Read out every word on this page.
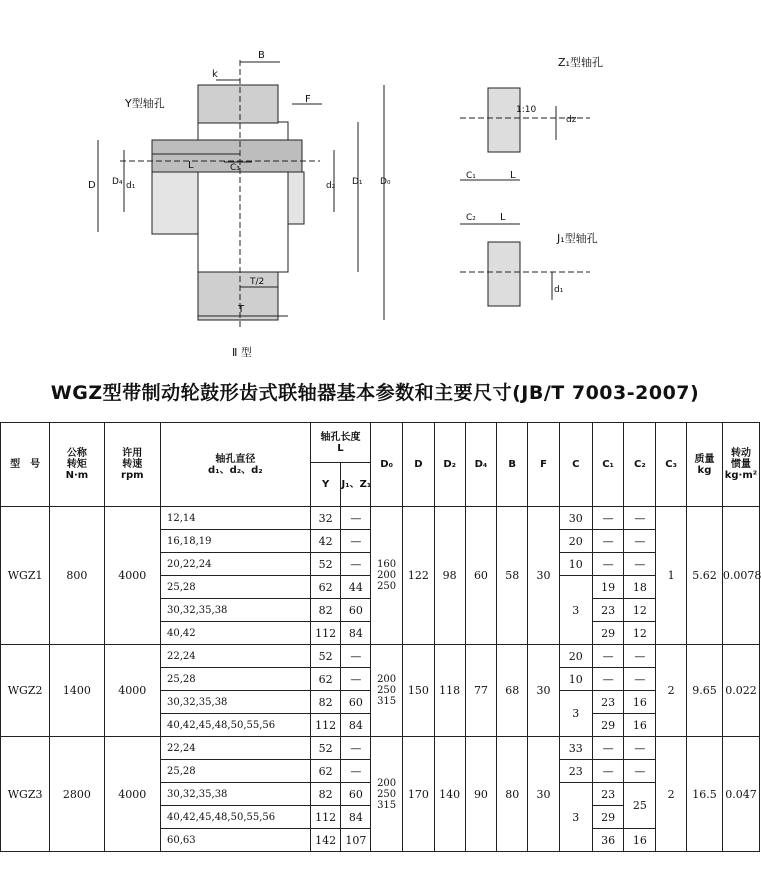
Y型轴孔
Z₁型轴孔
J₁型轴孔
1:10
B
k
F
L	C₃
D D₄ d₁	d₂ D₁ D₀
T/2
T
dz
C₁	L
C₂ L
d₁
Ⅱ 型
WGZ型带制动轮鼓形齿式联轴器基本参数和主要尺寸(JB/T 7003-2007)
型　号	公称
转矩
N·m	许用
转速
rpm	轴孔直径
d₁、d₂、d₂	轴孔长度
L		D₀	D	D₂	D₄	B	F	C	C₁	C₂	C₃	质量
kg	转动
惯量
kg·m²

				Y	J₁、Z₁												
WGZ1	800	4000	12,14	32	—	160
200
250	122	98	60	58	30	30	—	—	1	5.62	0.0078
			16,18,19	42	—							20	—	—			
			20,22,24	52	—							10	—	—			
			25,28	62	44							3	19	18			
			30,32,35,38	82	60								23	12			
			40,42	112	84								29	12			
WGZ2	1400	4000	22,24	52	—	200
250
315	150	118	77	68	30	20	—	—	2	9.65	0.022
			25,28	62	—							10	—	—			
			30,32,35,38	82	60							3	23	16			
			40,42,45,48,50,55,56	112	84								29	16			
WGZ3	2800	4000	22,24	52	—	200
250
315	170	140	90	80	30	33	—	—	2	16.5	0.047
			25,28	62	—							23	—	—			
			30,32,35,38	82	60							3	23	25			
			40,42,45,48,50,55,56	112	84								29				
			60,63	142	107								36	16			
